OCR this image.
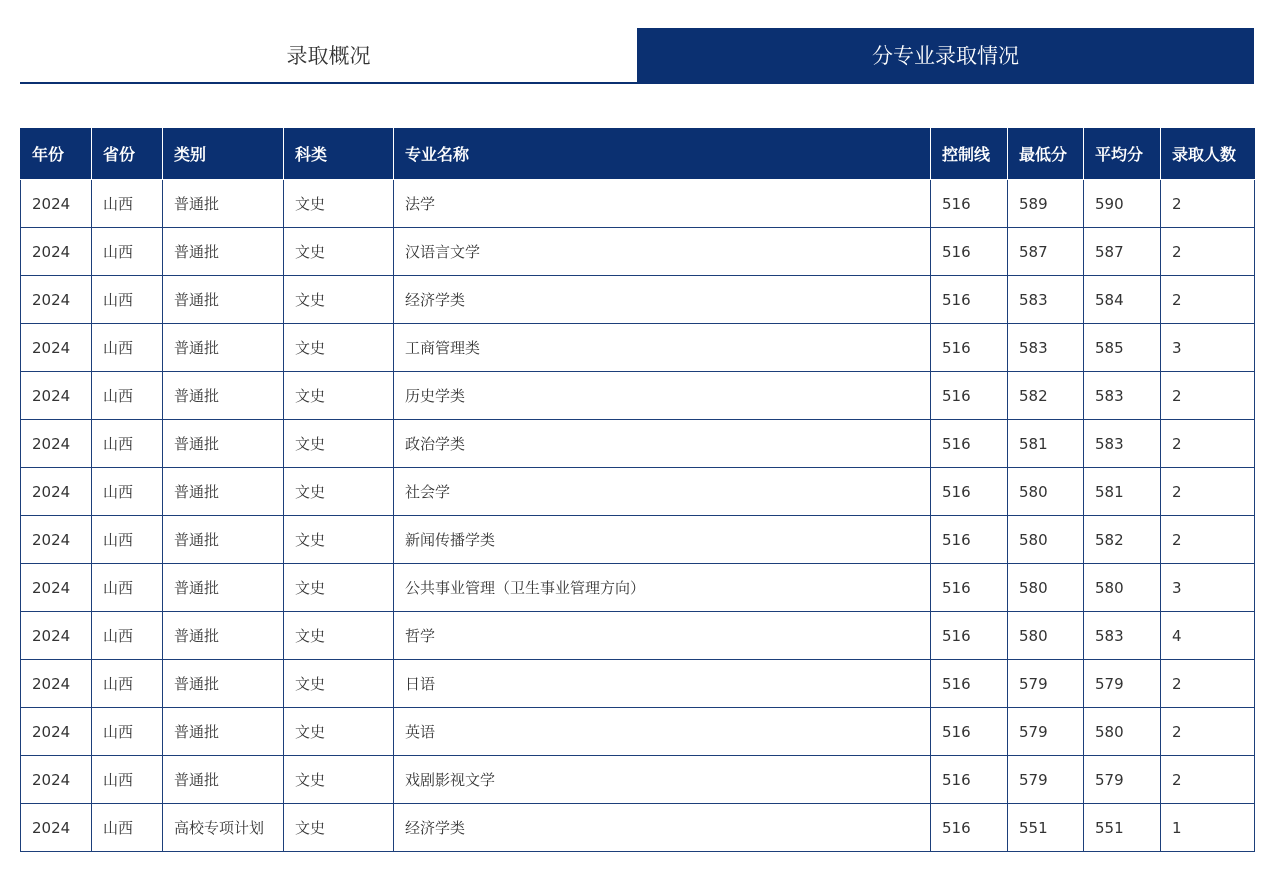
录取概况	分专业录取情况
年份	省份	类别	科类	专业名称	控制线	最低分	平均分	录取人数
2024	山西	普通批	文史	法学	516	589	590	2
2024	山西	普通批	文史	汉语言文学	516	587	587	2
2024	山西	普通批	文史	经济学类	516	583	584	2
2024	山西	普通批	文史	工商管理类	516	583	585	3
2024	山西	普通批	文史	历史学类	516	582	583	2
2024	山西	普通批	文史	政治学类	516	581	583	2
2024	山西	普通批	文史	社会学	516	580	581	2
2024	山西	普通批	文史	新闻传播学类	516	580	582	2
2024	山西	普通批	文史	公共事业管理（卫生事业管理方向）	516	580	580	3
2024	山西	普通批	文史	哲学	516	580	583	4
2024	山西	普通批	文史	日语	516	579	579	2
2024	山西	普通批	文史	英语	516	579	580	2
2024	山西	普通批	文史	戏剧影视文学	516	579	579	2
2024	山西	高校专项计划	文史	经济学类	516	551	551	1
